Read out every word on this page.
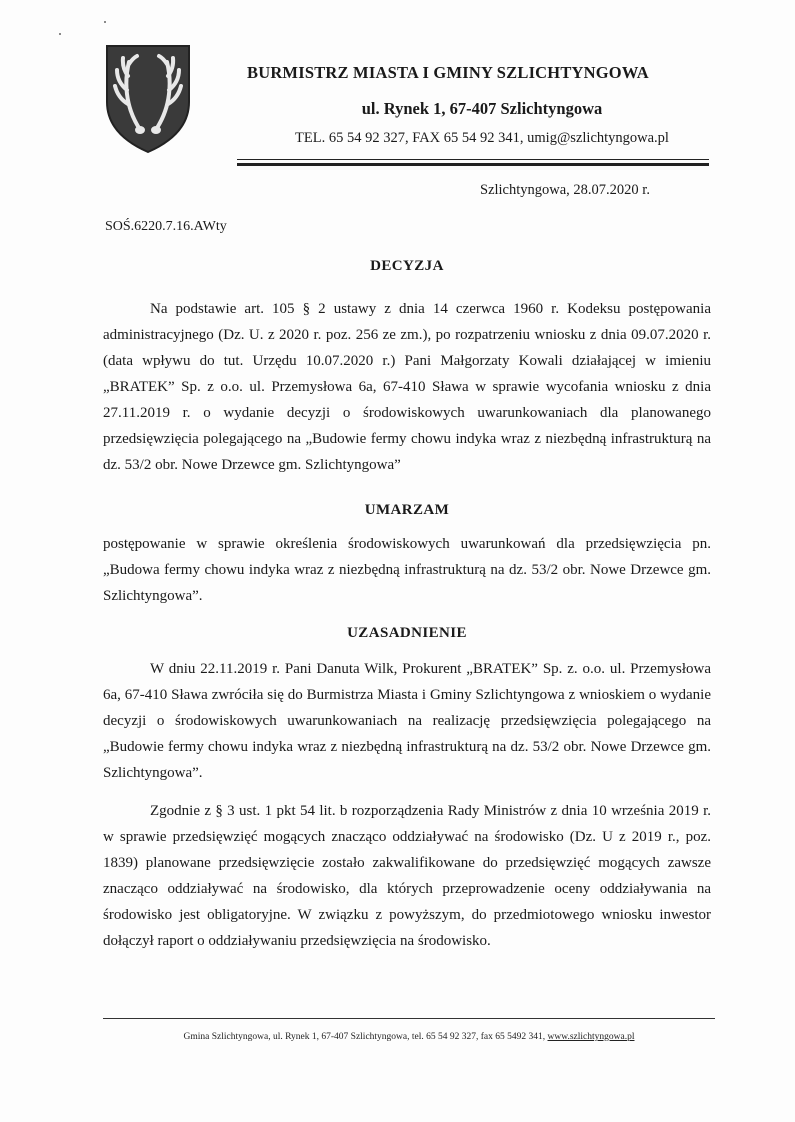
BURMISTRZ MIASTA I GMINY SZLICHTYNGOWA
ul. Rynek 1, 67-407 Szlichtyngowa
TEL. 65 54 92 327, FAX 65 54 92 341, umig@szlichtyngowa.pl
Szlichtyngowa, 28.07.2020 r.
SOŚ.6220.7.16.AWty
DECYZJA
Na podstawie art. 105 § 2 ustawy z dnia 14 czerwca 1960 r. Kodeksu postępowania administracyjnego (Dz. U. z 2020 r. poz. 256 ze zm.), po rozpatrzeniu wniosku z dnia 09.07.2020 r. (data wpływu do tut. Urzędu 10.07.2020 r.) Pani Małgorzaty Kowali działającej w imieniu „BRATEK” Sp. z o.o. ul. Przemysłowa 6a, 67-410 Sława w sprawie wycofania wniosku z dnia 27.11.2019 r. o wydanie decyzji o środowiskowych uwarunkowaniach dla planowanego przedsięwzięcia polegającego na „Budowie fermy chowu indyka wraz z niezbędną infrastrukturą na dz. 53/2 obr. Nowe Drzewce gm. Szlichtyngowa”
UMARZAM
postępowanie w sprawie określenia środowiskowych uwarunkowań dla przedsięwzięcia pn. „Budowa fermy chowu indyka wraz z niezbędną infrastrukturą na dz. 53/2 obr. Nowe Drzewce gm. Szlichtyngowa”.
UZASADNIENIE
W dniu 22.11.2019 r. Pani Danuta Wilk, Prokurent „BRATEK” Sp. z. o.o. ul. Przemysłowa 6a, 67-410 Sława zwróciła się do Burmistrza Miasta i Gminy Szlichtyngowa z wnioskiem o wydanie decyzji o środowiskowych uwarunkowaniach na realizację przedsięwzięcia polegającego na „Budowie fermy chowu indyka wraz z niezbędną infrastrukturą na dz. 53/2 obr. Nowe Drzewce gm. Szlichtyngowa”.
Zgodnie z § 3 ust. 1 pkt 54 lit. b rozporządzenia Rady Ministrów z dnia 10 września 2019 r. w sprawie przedsięwzięć mogących znacząco oddziaływać na środowisko (Dz. U z 2019 r., poz. 1839) planowane przedsięwzięcie zostało zakwalifikowane do przedsięwzięć mogących zawsze znacząco oddziaływać na środowisko, dla których przeprowadzenie oceny oddziaływania na środowisko jest obligatoryjne. W związku z powyższym, do przedmiotowego wniosku inwestor dołączył raport o oddziaływaniu przedsięwzięcia na środowisko.
Gmina Szlichtyngowa, ul. Rynek 1, 67-407 Szlichtyngowa, tel. 65 54 92 327, fax 65 5492 341, www.szlichtyngowa.pl
